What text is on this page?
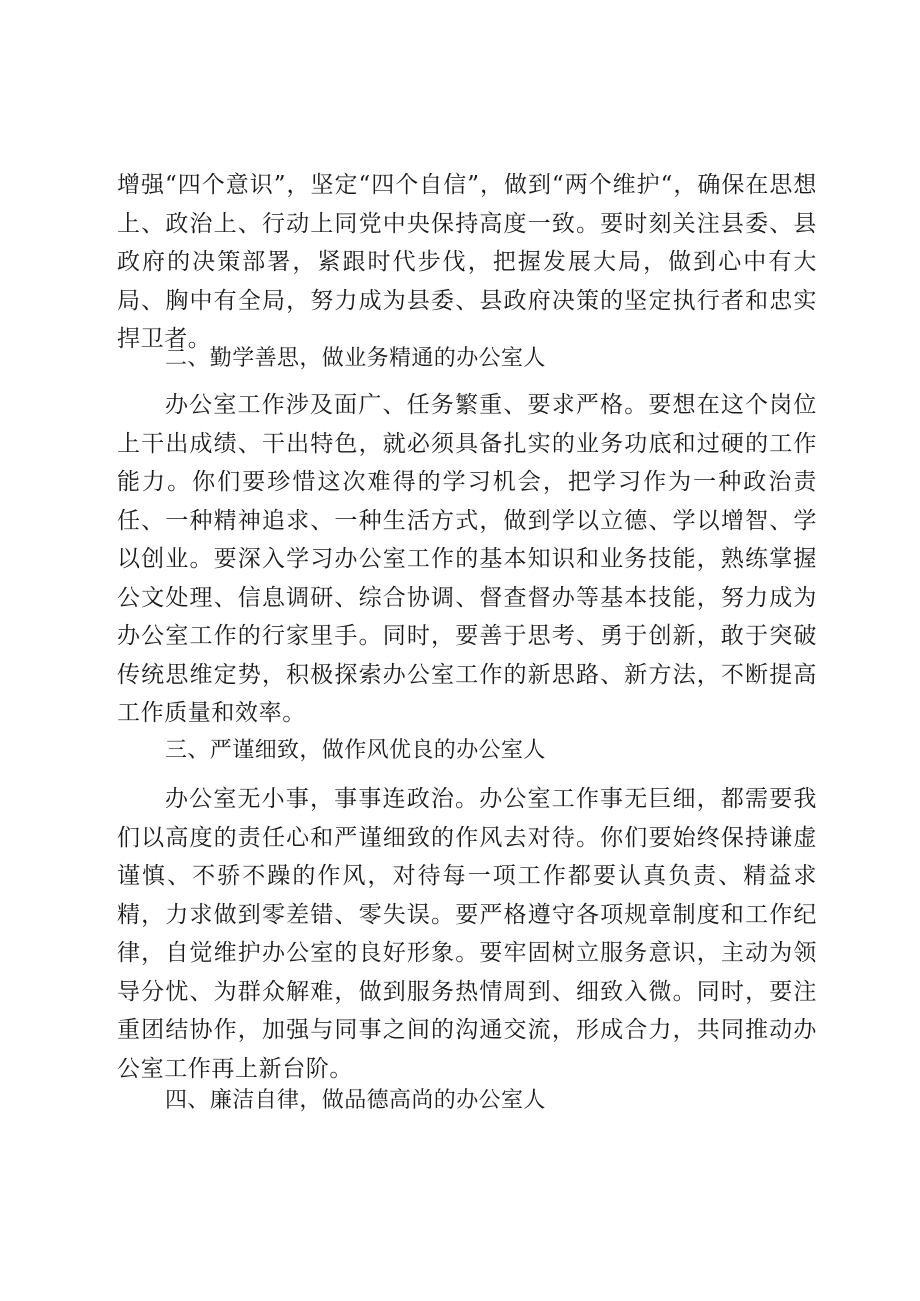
增强“四个意识”，坚定“四个自信”，做到“两个维护“，确保在思想上、政治上、行动上同党中央保持高度一致。要时刻关注县委、县政府的决策部署，紧跟时代步伐，把握发展大局，做到心中有大局、胸中有全局，努力成为县委、县政府决策的坚定执行者和忠实捍卫者。

二、勤学善思，做业务精通的办公室人

办公室工作涉及面广、任务繁重、要求严格。要想在这个岗位上干出成绩、干出特色，就必须具备扎实的业务功底和过硬的工作能力。你们要珍惜这次难得的学习机会，把学习作为一种政治责任、一种精神追求、一种生活方式，做到学以立德、学以增智、学以创业。要深入学习办公室工作的基本知识和业务技能，熟练掌握公文处理、信息调研、综合协调、督查督办等基本技能，努力成为办公室工作的行家里手。同时，要善于思考、勇于创新，敢于突破传统思维定势，积极探索办公室工作的新思路、新方法，不断提高工作质量和效率。

三、严谨细致，做作风优良的办公室人

办公室无小事，事事连政治。办公室工作事无巨细，都需要我们以高度的责任心和严谨细致的作风去对待。你们要始终保持谦虚谨慎、不骄不躁的作风，对待每一项工作都要认真负责、精益求精，力求做到零差错、零失误。要严格遵守各项规章制度和工作纪律，自觉维护办公室的良好形象。要牢固树立服务意识，主动为领导分忧、为群众解难，做到服务热情周到、细致入微。同时，要注重团结协作，加强与同事之间的沟通交流，形成合力，共同推动办公室工作再上新台阶。

四、廉洁自律，做品德高尚的办公室人
